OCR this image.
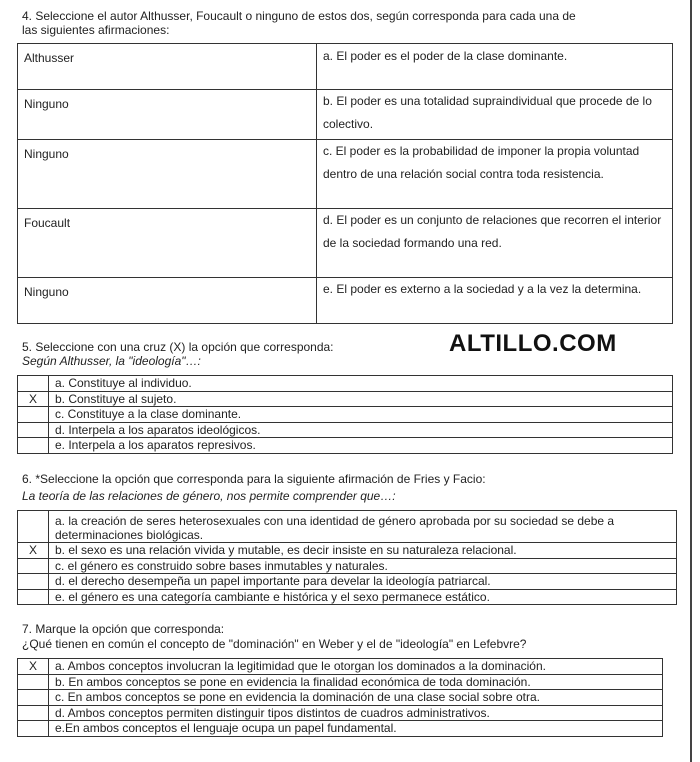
4. Seleccione el autor Althusser, Foucault o ninguno de estos dos, según corresponda para cada una de
las siguientes afirmaciones:
Althusser	a. El poder es el poder de la clase dominante.
Ninguno	b. El poder es una totalidad supraindividual que procede de lo colectivo.
Ninguno	c. El poder es la probabilidad de imponer la propia voluntad dentro de una relación social contra toda resistencia.
Foucault	d. El poder es un conjunto de relaciones que recorren el interior de la sociedad formando una red.
Ninguno	e. El poder es externo a la sociedad y a la vez la determina.
5. Seleccione con una cruz (X) la opción que corresponda:
Según Althusser, la "ideología"…:
ALTILLO.COM
	a. Constituye al individuo.
X	b. Constituye al sujeto.
	c. Constituye a la clase dominante.
	d. Interpela a los aparatos ideológicos.
	e. Interpela a los aparatos represivos.
6. *Seleccione la opción que corresponda para la siguiente afirmación de Fries y Facio:
La teoría de las relaciones de género, nos permite comprender que…:

	a. la creación de seres heterosexuales con una identidad de género aprobada por su sociedad se debe a determinaciones biológicas.

X	b. el sexo es una relación vivida y mutable, es decir insiste en su naturaleza relacional.
	c. el género es construido sobre bases inmutables y naturales.
	d. el derecho desempeña un papel importante para develar la ideología patriarcal.
	e. el género es una categoría cambiante e histórica y el sexo permanece estático.
7. Marque la opción que corresponda:
¿Qué tienen en común el concepto de "dominación" en Weber y el de "ideología" en Lefebvre?
X	a. Ambos conceptos involucran la legitimidad que le otorgan los dominados a la dominación.
	b. En ambos conceptos se pone en evidencia la finalidad económica de toda dominación.
	c. En ambos conceptos se pone en evidencia la dominación de una clase social sobre otra.
	d. Ambos conceptos permiten distinguir tipos distintos de cuadros administrativos.
	e.En ambos conceptos el lenguaje ocupa un papel fundamental.
